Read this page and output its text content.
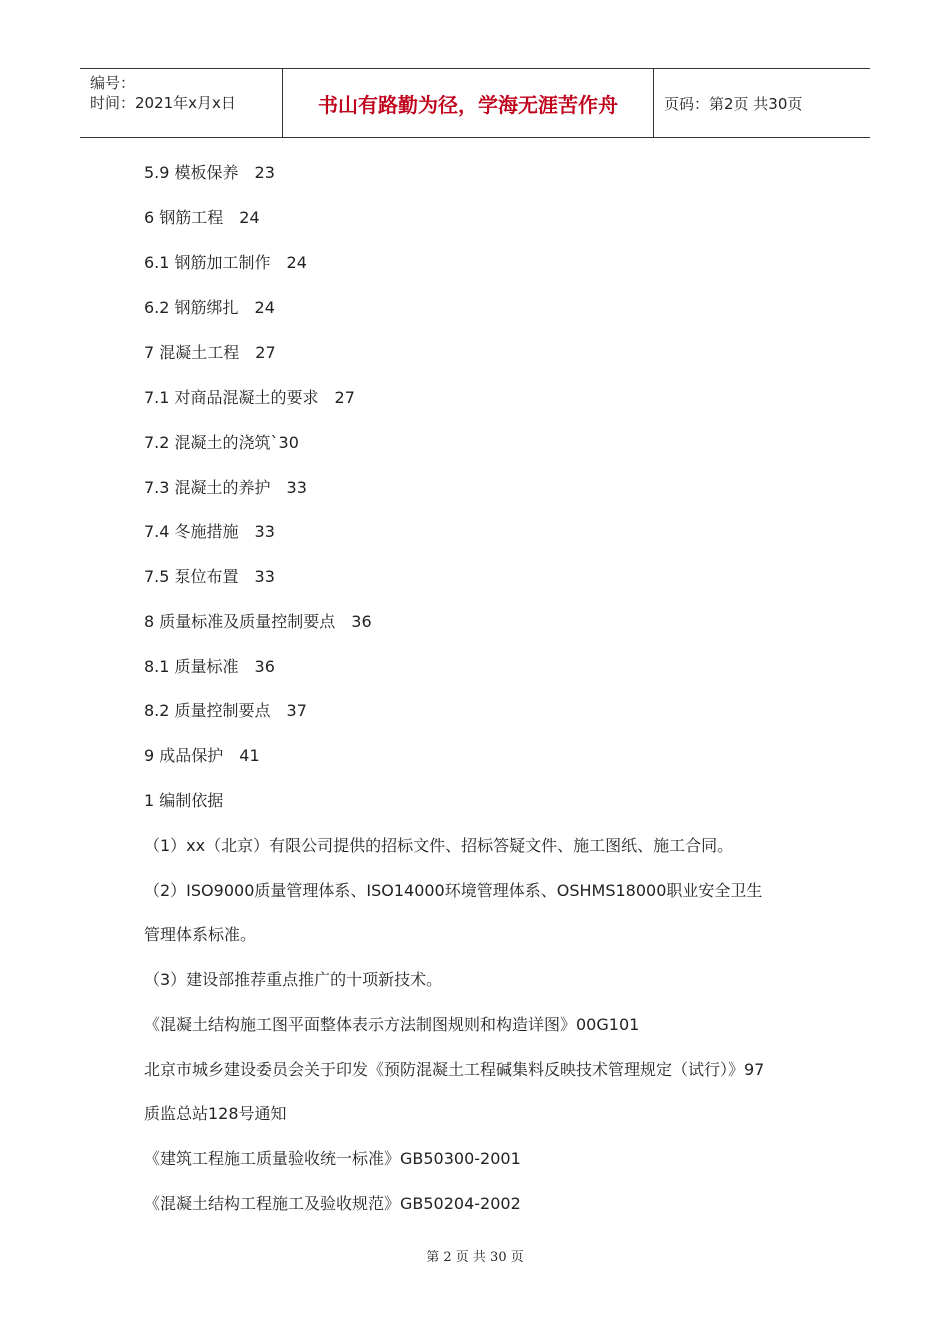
编号：
时间：2021年x月x日	书山有路勤为径，学海无涯苦作舟	页码：第2页 共30页
5.9 模板保养　23
6 钢筋工程　24
6.1 钢筋加工制作　24
6.2 钢筋绑扎　24
7 混凝土工程　27
7.1 对商品混凝土的要求　27
7.2 混凝土的浇筑`30
7.3 混凝土的养护　33
7.4 冬施措施　33
7.5 泵位布置　33
8 质量标准及质量控制要点　36
8.1 质量标准　36
8.2 质量控制要点　37
9 成品保护　41
1 编制依据
（1）xx（北京）有限公司提供的招标文件、招标答疑文件、施工图纸、施工合同。
（2）ISO9000质量管理体系、ISO14000环境管理体系、OSHMS18000职业安全卫生
管理体系标准。
（3）建设部推荐重点推广的十项新技术。
《混凝土结构施工图平面整体表示方法制图规则和构造详图》00G101
北京市城乡建设委员会关于印发《预防混凝土工程碱集料反映技术管理规定（试行）》97
质监总站128号通知
《建筑工程施工质量验收统一标准》GB50300-2001
《混凝土结构工程施工及验收规范》GB50204-2002
第 2 页 共 30 页
